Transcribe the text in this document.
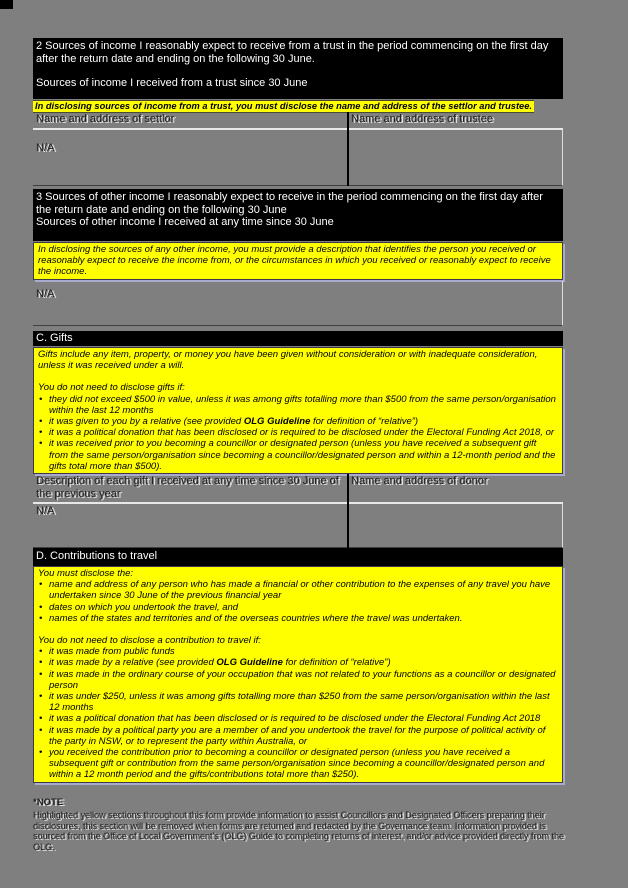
2 Sources of income I reasonably expect to receive from a trust in the period commencing on the first day after the return date and ending on the following 30 June.
Sources of income I received from a trust since 30 June
In disclosing sources of income from a trust, you must disclose the name and address of the settlor and trustee.
Name and address of settlor	Name and address of trustee
N/A
3 Sources of other income I reasonably expect to receive in the period commencing on the first day after the return date and ending on the following 30 June
Sources of other income I received at any time since 30 June
In disclosing the sources of any other income, you must provide a description that identifies the person you received or reasonably expect to receive the income from, or the circumstances in which you received or reasonably expect to receive the income.
N/A
C. Gifts
Gifts include any item, property, or money you have been given without consideration or with inadequate consideration, unless it was received under a will.
You do not need to disclose gifts if:
• they did not exceed $500 in value, unless it was among gifts totalling more than $500 from the same person/organisation within the last 12 months
• it was given to you by a relative (see provided OLG Guideline for definition of “relative”)
• it was a political donation that has been disclosed or is required to be disclosed under the Electoral Funding Act 2018, or
• it was received prior to you becoming a councillor or designated person (unless you have received a subsequent gift from the same person/organisation since becoming a councillor/designated person and within a 12-month period and the gifts total more than $500).
Description of each gift I received at any time since 30 June of the previous year
Name and address of donor
N/A
D. Contributions to travel
You must disclose the:
• name and address of any person who has made a financial or other contribution to the expenses of any travel you have undertaken since 30 June of the previous financial year
• dates on which you undertook the travel, and
• names of the states and territories and of the overseas countries where the travel was undertaken.
You do not need to disclose a contribution to travel if:
• it was made from public funds
• it was made by a relative (see provided OLG Guideline for definition of “relative”)
• it was made in the ordinary course of your occupation that was not related to your functions as a councillor or designated person
• it was under $250, unless it was among gifts totalling more than $250 from the same person/organisation within the last 12 months
• it was a political donation that has been disclosed or is required to be disclosed under the Electoral Funding Act 2018
• it was made by a political party you are a member of and you undertook the travel for the purpose of political activity of the party in NSW, or to represent the party within Australia, or
• you received the contribution prior to becoming a councillor or designated person (unless you have received a subsequent gift or contribution from the same person/organisation since becoming a councillor/designated person and within a 12 month period and the gifts/contributions total more than $250).
*NOTE
Highlighted yellow sections throughout this form provide information to assist Councillors and Designated Officers preparing their disclosures, this section will be removed when forms are returned and redacted by the Governance team. Information provided is sourced from the Office of Local Government’s (OLG) Guide to completing returns of interest, and/or advice provided directly from the OLG.
